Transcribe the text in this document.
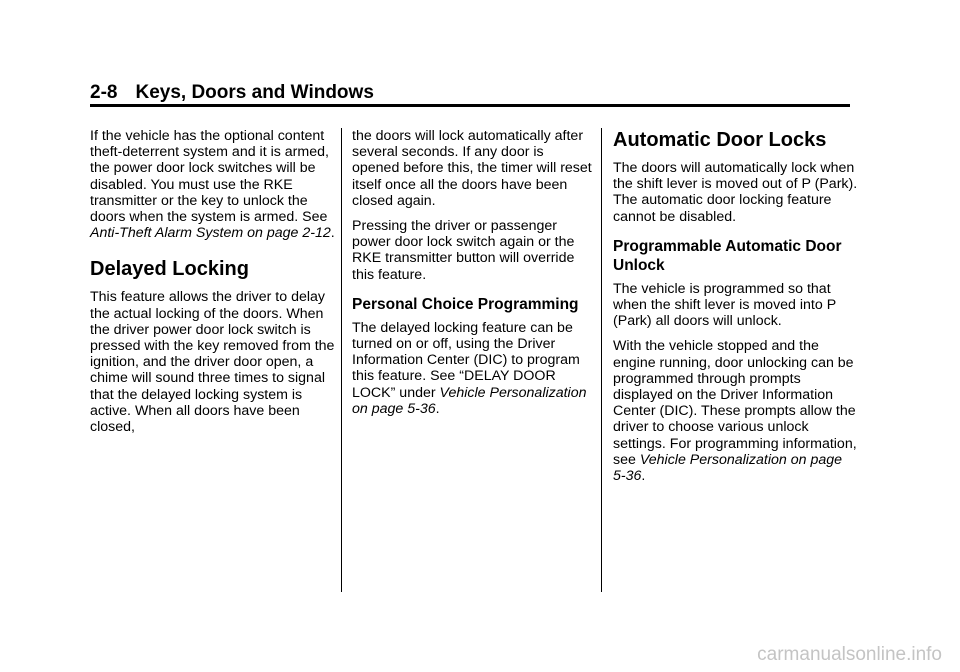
2-8 Keys, Doors and Windows

If the vehicle has the optional content theft-deterrent system and it is armed, the power door lock switches will be disabled. You must use the RKE transmitter or the key to unlock the doors when the system is armed. See Anti-Theft Alarm System on page 2-12.

Delayed Locking

This feature allows the driver to delay the actual locking of the doors. When the driver power door lock switch is pressed with the key removed from the ignition, and the driver door open, a chime will sound three times to signal that the delayed locking system is active. When all doors have been closed,

the doors will lock automatically after several seconds. If any door is opened before this, the timer will reset itself once all the doors have been closed again.

Pressing the driver or passenger power door lock switch again or the RKE transmitter button will override this feature.

Personal Choice Programming

The delayed locking feature can be turned on or off, using the Driver Information Center (DIC) to program this feature. See “DELAY DOOR LOCK” under Vehicle Personalization on page 5-36.

Automatic Door Locks

The doors will automatically lock when the shift lever is moved out of P (Park). The automatic door locking feature cannot be disabled.

Programmable Automatic Door Unlock

The vehicle is programmed so that when the shift lever is moved into P (Park) all doors will unlock.

With the vehicle stopped and the engine running, door unlocking can be programmed through prompts displayed on the Driver Information Center (DIC). These prompts allow the driver to choose various unlock settings. For programming information, see Vehicle Personalization on page 5-36.

carmanualsonline.info
